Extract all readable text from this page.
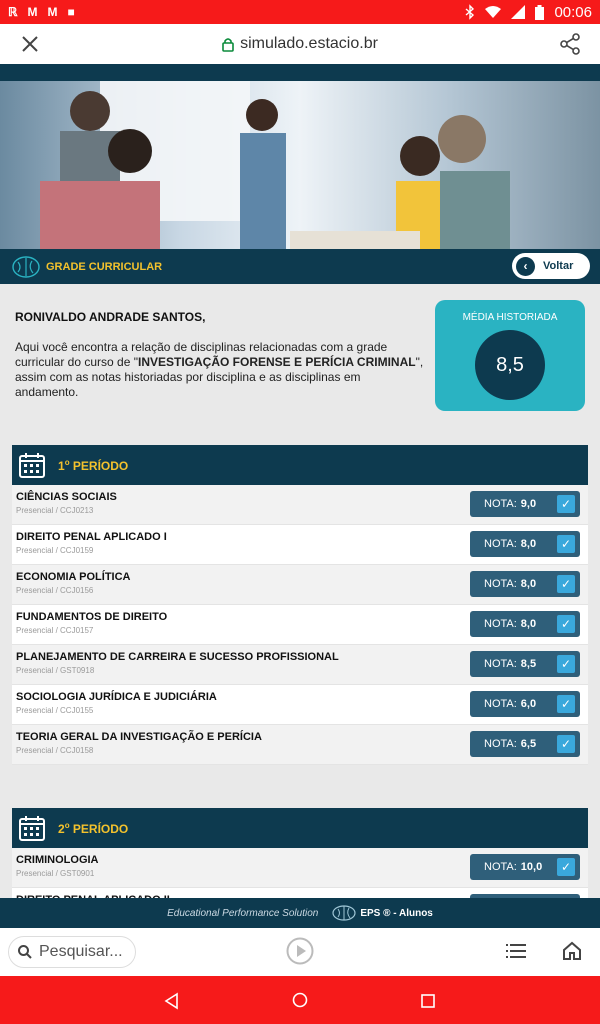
ℝ M M ■	00:06
simulado.estacio.br
GRADE CURRICULAR	‹	Voltar
RONIVALDO ANDRADE SANTOS,
Aqui você encontra a relação de disciplinas relacionadas com a grade curricular do curso de "INVESTIGAÇÃO FORENSE E PERÍCIA CRIMINAL", assim com as notas historiadas por disciplina e as disciplinas em andamento.
MÉDIA HISTORIADA
8,5
1$^o$ PERÍODO
CIÊNCIAS SOCIAIS
Presencial / CCJ0213
NOTA: 9,0	✓
DIREITO PENAL APLICADO I
Presencial / CCJ0159
NOTA: 8,0	✓
ECONOMIA POLÍTICA
Presencial / CCJ0156
NOTA: 8,0	✓
FUNDAMENTOS DE DIREITO
Presencial / CCJ0157
NOTA: 8,0	✓
PLANEJAMENTO DE CARREIRA E SUCESSO PROFISSIONAL
Presencial / GST0918
NOTA: 8,5	✓
SOCIOLOGIA JURÍDICA E JUDICIÁRIA
Presencial / CCJ0155
NOTA: 6,0	✓
TEORIA GERAL DA INVESTIGAÇÃO E PERÍCIA
Presencial / CCJ0158
NOTA: 6,5	✓
2$^o$ PERÍODO
CRIMINOLOGIA
Presencial / GST0901
NOTA: 10,0	✓
Educational Performance Solution	EPS ® - Alunos
Pesquisar...
